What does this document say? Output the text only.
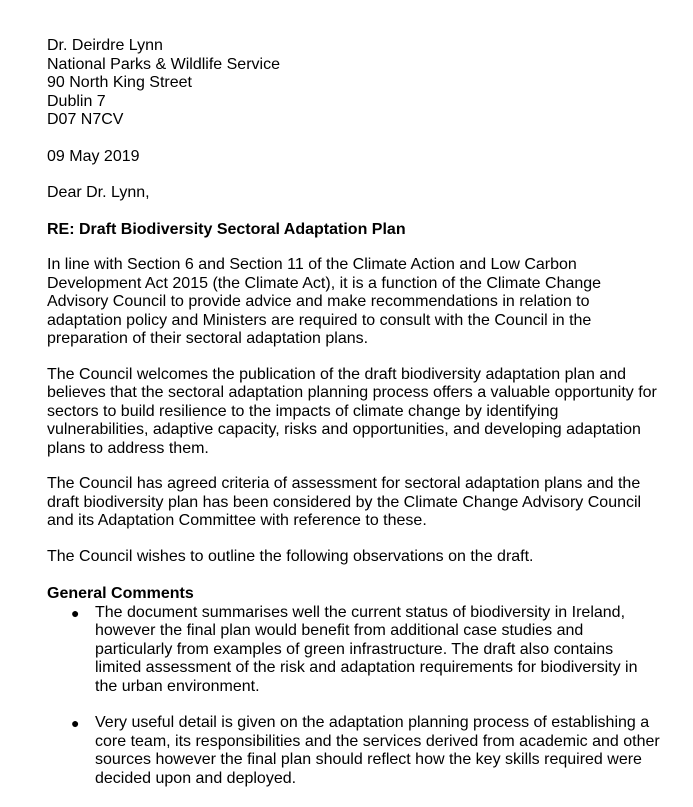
Dr. Deirdre Lynn
National Parks & Wildlife Service
90 North King Street
Dublin 7
D07 N7CV
09 May 2019
Dear Dr. Lynn,
RE: Draft Biodiversity Sectoral Adaptation Plan

In line with Section 6 and Section 11 of the Climate Action and Low Carbon Development Act 2015 (the Climate Act), it is a function of the Climate Change Advisory Council to provide advice and make recommendations in relation to adaptation policy and Ministers are required to consult with the Council in the preparation of their sectoral adaptation plans.

The Council welcomes the publication of the draft biodiversity adaptation plan and believes that the sectoral adaptation planning process offers a valuable opportunity for sectors to build resilience to the impacts of climate change by identifying vulnerabilities, adaptive capacity, risks and opportunities, and developing adaptation plans to address them.

The Council has agreed criteria of assessment for sectoral adaptation plans and the draft biodiversity plan has been considered by the Climate Change Advisory Council and its Adaptation Committee with reference to these.

The Council wishes to outline the following observations on the draft.

General Comments
● The document summarises well the current status of biodiversity in Ireland, however the final plan would benefit from additional case studies and particularly from examples of green infrastructure. The draft also contains limited assessment of the risk and adaptation requirements for biodiversity in the urban environment.
● Very useful detail is given on the adaptation planning process of establishing a core team, its responsibilities and the services derived from academic and other sources however the final plan should reflect how the key skills required were decided upon and deployed.
